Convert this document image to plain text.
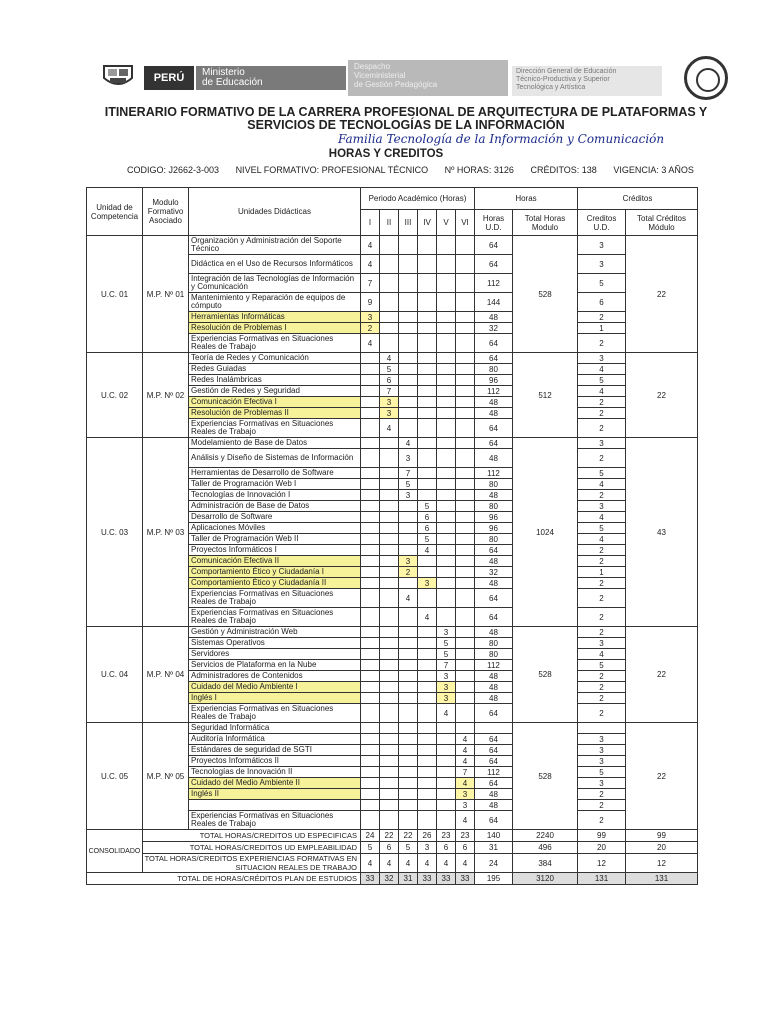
PERÚ	Ministerio
de Educación
Despacho
Viceministerial
de Gestión Pedagógica
Dirección General de Educación
Técnico-Productiva y Superior
Tecnológica y Artística
ITINERARIO FORMATIVO DE LA CARRERA PROFESIONAL DE ARQUITECTURA DE PLATAFORMAS Y SERVICIOS DE TECNOLOGÍAS DE LA INFORMACIÓN
Familia Tecnología de la Información y Comunicación
HORAS Y CREDITOS
CODIGO: J2662-3-003 NIVEL FORMATIVO: PROFESIONAL TÉCNICO Nº HORAS: 3126 CRÉDITOS: 138 VIGENCIA: 3 AÑOS
Unidad de Competencia	Modulo Formativo Asociado	Unidades Didácticas	Periodo Académico (Horas)						Horas		Créditos	
			I	II	III	IV	V	VI	Horas U.D.	Total Horas Modulo	Creditos U.D.	Total Créditos Módulo
U.C. 01	M.P. Nº 01	Organización y Administración del Soporte Técnico	4						64	528	3	22
		Didáctica en el Uso de Recursos Informáticos	4						64		3	
		Integración de las Tecnologías de Información y Comunicación	7						112		5	
		Mantenimiento y Reparación de equipos de cómputo	9						144		6	
		Herramientas Informáticas	3						48		2	
		Resolución de Problemas I	2						32		1	
		Experiencias Formativas en Situaciones Reales de Trabajo	4						64		2	
U.C. 02	M.P. Nº 02	Teoría de Redes y Comunicación		4					64	512	3	22
		Redes Guiadas		5					80		4	
		Redes Inalámbricas		6					96		5	
		Gestión de Redes y Seguridad		7					112		4	
		Comunicación Efectiva I		3					48		2	
		Resolución de Problemas II		3					48		2	
		Experiencias Formativas en Situaciones Reales de Trabajo		4					64		2	
U.C. 03	M.P. Nº 03	Modelamiento de Base de Datos			4				64	1024	3	43
		Análisis y Diseño de Sistemas de Información			3				48		2	
		Herramientas de Desarrollo de Software			7				112		5	
		Taller de Programación Web I			5				80		4	
		Tecnologías de Innovación I			3				48		2	
		Administración de Base de Datos				5			80		3	
		Desarrollo de Software				6			96		4	
		Aplicaciones Móviles				6			96		5	
		Taller de Programación Web II				5			80		4	
		Proyectos Informáticos I				4			64		2	
		Comunicación Efectiva II			3				48		2	
		Comportamiento Ético y Ciudadanía I			2				32		1	
		Comportamiento Ético y Ciudadanía II				3			48		2	
		Experiencias Formativas en Situaciones Reales de Trabajo			4				64		2	
		Experiencias Formativas en Situaciones Reales de Trabajo				4			64		2	
U.C. 04	M.P. Nº 04	Gestión y Administración Web					3		48	528	2	22
		Sistemas Operativos					5		80		3	
		Servidores					5		80		4	
		Servicios de Plataforma en la Nube					7		112		5	
		Administradores de Contenidos					3		48		2	
		Cuidado del Medio Ambiente I					3		48		2	
		Inglés I					3		48		2	
		Experiencias Formativas en Situaciones Reales de Trabajo					4		64		2	
U.C. 05	M.P. Nº 05	Seguridad Informática								528		22
		Auditoría Informática						4	64		3	
		Estándares de seguridad de SGTI						4	64		3	
		Proyectos Informáticos II						4	64		3	
		Tecnologías de Innovación II						7	112		5	
		Cuidado del Medio Ambiente II						4	64		3	
		Inglés II						3	48		2	
								3	48		2	
		Experiencias Formativas en Situaciones Reales de Trabajo						4	64		2	
CONSOLIDADO	TOTAL HORAS/CREDITOS UD ESPECIFICAS		24	22	22	26	23	23	140	2240	99	99
	TOTAL HORAS/CREDITOS UD EMPLEABILIDAD		5	6	5	3	6	6	31	496	20	20
	TOTAL HORAS/CREDITOS EXPERIENCIAS FORMATIVAS EN SITUACION REALES DE TRABAJO		4	4	4	4	4	4	24	384	12	12
TOTAL DE HORAS/CRÉDITOS PLAN DE ESTUDIOS			33	32	31	33	33	33	195	3120	131	131
